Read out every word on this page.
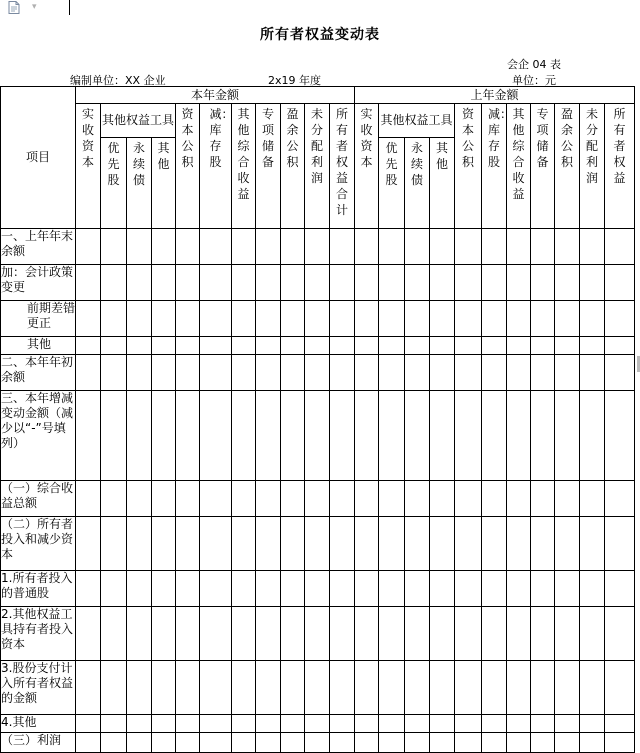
▾
所有者权益变动表
会企 04 表
编制单位：XX 企业	2x19 年度	单位：元
项目	本年金额											上年金额										
	实收资本	其他权益工具			资本公积	减：库存股	其他综合收益	专项储备	盈余公积	未分配利润	所有者权益合计	实收资本	其他权益工具			资本公积	减：库存股	其他综合收益	专项储备	盈余公积	未分配利润	所有者权益
		优先股	永续债	其他									优先股	永续债	其他							
一、上年年末余额																						
加：会计政策变更																						
前期差错更正																						
其他																						
二、本年年初余额																						
三、本年增减变动金额（减少以“-”号填列）																						
（一）综合收益总额																						
（二）所有者投入和减少资本																						
1.所有者投入的普通股																						
2.其他权益工具持有者投入资本																						
3.股份支付计入所有者权益的金额																						
4.其他																						
（三）利润																						
